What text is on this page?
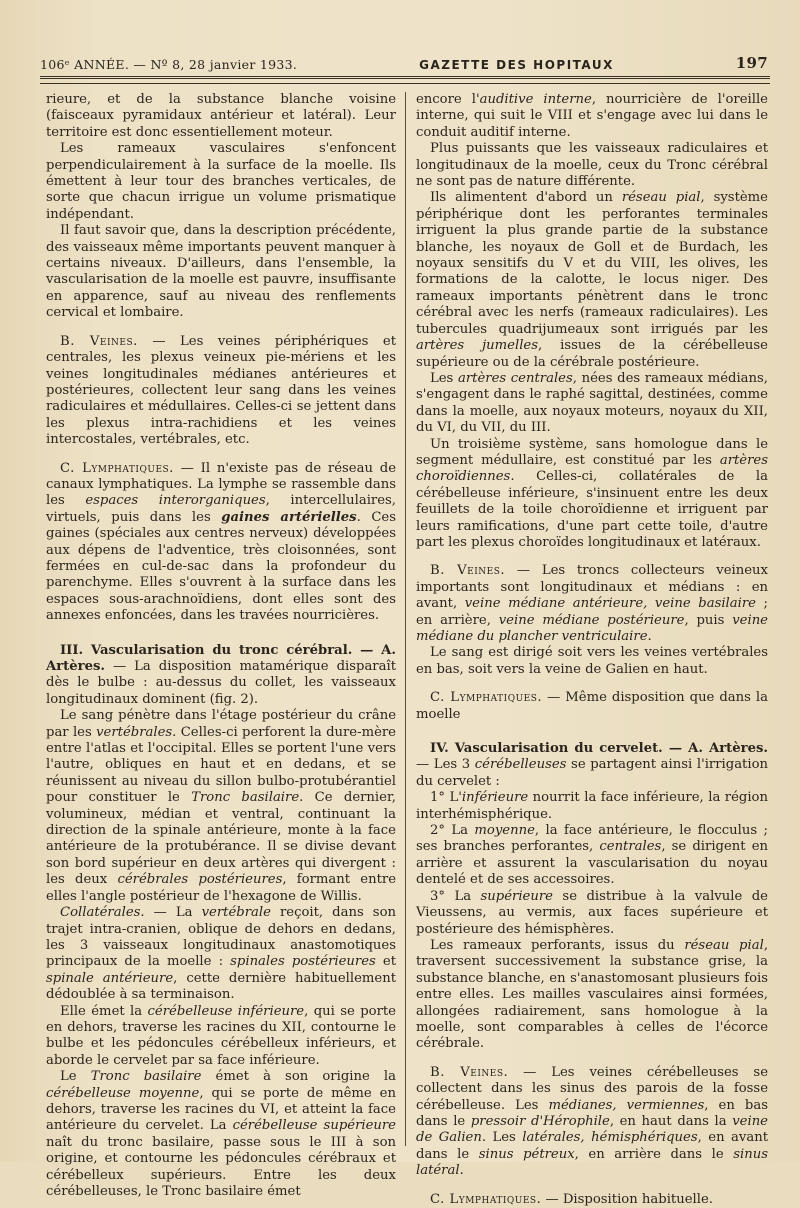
106ᵉ ANNÉE. — Nº 8, 28 janvier 1933.	GAZETTE DES HOPITAUX	197

rieure, et de la substance blanche voisine (faisceaux pyramidaux antérieur et latéral). Leur territoire est donc essentiellement moteur.

Les rameaux vasculaires s'enfoncent perpendiculairement à la surface de la moelle. Ils émettent à leur tour des branches verticales, de sorte que chacun irrigue un volume prismatique indépendant.

Il faut savoir que, dans la description précédente, des vaisseaux même importants peuvent manquer à certains niveaux. D'ailleurs, dans l'ensemble, la vascularisation de la moelle est pauvre, insuffisante en apparence, sauf au niveau des renflements cervical et lombaire.

B. Veines. — Les veines périphériques et centrales, les plexus veineux pie-mériens et les veines longitudinales médianes antérieures et postérieures, collectent leur sang dans les veines radiculaires et médullaires. Celles-ci se jettent dans les plexus intra-rachidiens et les veines intercostales, vertébrales, etc.

C. Lymphatiques. — Il n'existe pas de réseau de canaux lymphatiques. La lymphe se rassemble dans les espaces interorganiques, intercellulaires, virtuels, puis dans les gaines artérielles. Ces gaines (spéciales aux centres nerveux) développées aux dépens de l'adventice, très cloisonnées, sont fermées en cul-de-sac dans la profondeur du parenchyme. Elles s'ouvrent à la surface dans les espaces sous-arachnoïdiens, dont elles sont des annexes enfoncées, dans les travées nourricières.

III. Vascularisation du tronc cérébral. — A. Artères. — La disposition matamérique disparaît dès le bulbe : au-dessus du collet, les vaisseaux longitudinaux dominent (fig. 2).

Le sang pénètre dans l'étage postérieur du crâne par les vertébrales. Celles-ci perforent la dure-mère entre l'atlas et l'occipital. Elles se portent l'une vers l'autre, obliques en haut et en dedans, et se réunissent au niveau du sillon bulbo-protubérantiel pour constituer le Tronc basilaire. Ce dernier, volumineux, médian et ventral, continuant la direction de la spinale antérieure, monte à la face antérieure de la protubérance. Il se divise devant son bord supérieur en deux artères qui divergent : les deux cérébrales postérieures, formant entre elles l'angle postérieur de l'hexagone de Willis.

Collatérales. — La vertébrale reçoit, dans son trajet intra-cranien, oblique de dehors en dedans, les 3 vaisseaux longitudinaux anastomotiques principaux de la moelle : spinales postérieures et spinale antérieure, cette dernière habituellement dédoublée à sa terminaison.

Elle émet la cérébelleuse inférieure, qui se porte en dehors, traverse les racines du XII, contourne le bulbe et les pédoncules cérébelleux inférieurs, et aborde le cervelet par sa face inférieure.

Le Tronc basilaire émet à son origine la cérébelleuse moyenne, qui se porte de même en dehors, traverse les racines du VI, et atteint la face antérieure du cervelet. La cérébelleuse supérieure naît du tronc basilaire, passe sous le III à son origine, et contourne les pédoncules cérébraux et cérébelleux supérieurs. Entre les deux cérébelleuses, le Tronc basilaire émet

encore l'auditive interne, nourricière de l'oreille interne, qui suit le VIII et s'engage avec lui dans le conduit auditif interne.

Plus puissants que les vaisseaux radiculaires et longitudinaux de la moelle, ceux du Tronc cérébral ne sont pas de nature différente.

Ils alimentent d'abord un réseau pial, système périphérique dont les perforantes terminales irriguent la plus grande partie de la substance blanche, les noyaux de Goll et de Burdach, les noyaux sensitifs du V et du VIII, les olives, les formations de la calotte, le locus niger. Des rameaux importants pénètrent dans le tronc cérébral avec les nerfs (rameaux radiculaires). Les tubercules quadrijumeaux sont irrigués par les artères jumelles, issues de la cérébelleuse supérieure ou de la cérébrale postérieure.

Les artères centrales, nées des rameaux médians, s'engagent dans le raphé sagittal, destinées, comme dans la moelle, aux noyaux moteurs, noyaux du XII, du VI, du VII, du III.

Un troisième système, sans homologue dans le segment médullaire, est constitué par les artères choroïdiennes. Celles-ci, collatérales de la cérébelleuse inférieure, s'insinuent entre les deux feuillets de la toile choroïdienne et irriguent par leurs ramifications, d'une part cette toile, d'autre part les plexus choroïdes longitudinaux et latéraux.

B. Veines. — Les troncs collecteurs veineux importants sont longitudinaux et médians : en avant, veine médiane antérieure, veine basilaire ; en arrière, veine médiane postérieure, puis veine médiane du plancher ventriculaire.

Le sang est dirigé soit vers les veines vertébrales en bas, soit vers la veine de Galien en haut.

C. Lymphatiques. — Même disposition que dans la moelle

IV. Vascularisation du cervelet. — A. Artères. — Les 3 cérébelleuses se partagent ainsi l'irrigation du cervelet :

1° L'inférieure nourrit la face inférieure, la région interhémisphérique.

2° La moyenne, la face antérieure, le flocculus ; ses branches perforantes, centrales, se dirigent en arrière et assurent la vascularisation du noyau dentelé et de ses accessoires.

3° La supérieure se distribue à la valvule de Vieussens, au vermis, aux faces supérieure et postérieure des hémisphères.

Les rameaux perforants, issus du réseau pial, traversent successivement la substance grise, la substance blanche, en s'anastomosant plusieurs fois entre elles. Les mailles vasculaires ainsi formées, allongées radiairement, sans homologue à la moelle, sont comparables à celles de l'écorce cérébrale.

B. Veines. — Les veines cérébelleuses se collectent dans les sinus des parois de la fosse cérébelleuse. Les médianes, vermiennes, en bas dans le pressoir d'Hérophile, en haut dans la veine de Galien. Les latérales, hémisphériques, en avant dans le sinus pétreux, en arrière dans le sinus latéral.

C. Lymphatiques. — Disposition habituelle.
